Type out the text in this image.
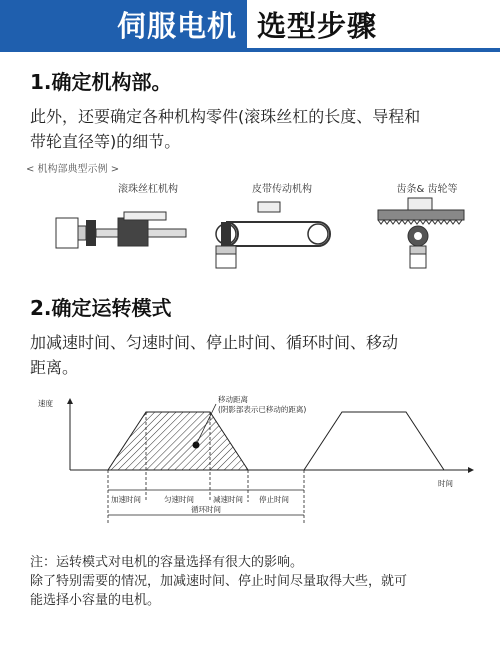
伺服电机 选型步骤
1.确定机构部。
此外，还要确定各种机构零件(滚珠丝杠的长度、导程和
带轮直径等)的细节。
< 机构部典型示例 >
滚珠丝杠机构	皮带传动机构	齿条& 齿轮等
2.确定运转模式
加减速时间、匀速时间、停止时间、循环时间、移动
距离。
速度
时间
移动距离
(阴影部表示已移动的距离)
加速时间	匀速时间	减速时间 停止时间
循环时间
注：运转模式对电机的容量选择有很大的影响。
除了特别需要的情况，加减速时间、停止时间尽量取得大些，就可
能选择小容量的电机。
